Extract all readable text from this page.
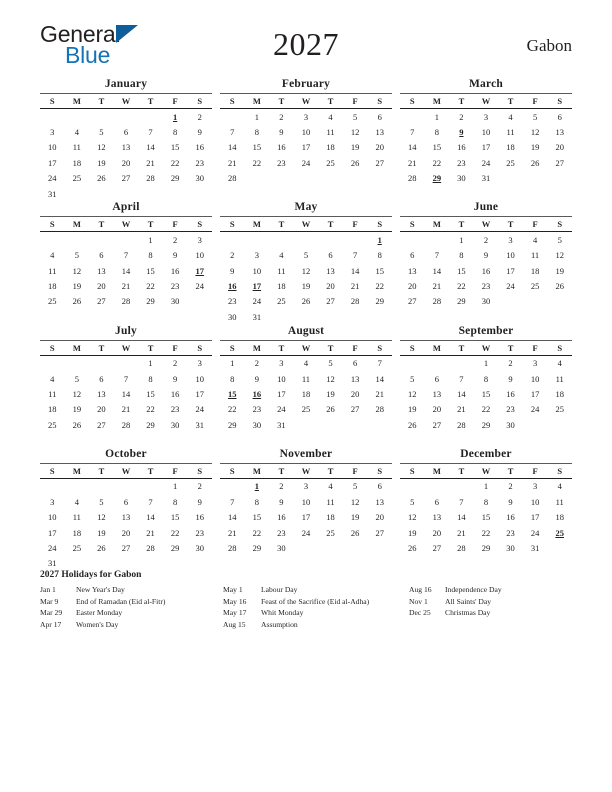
General
Blue	2027	Gabon
January
S	M	T	W	T	F	S
					1	2
3	4	5	6	7	8	9
10	11	12	13	14	15	16
17	18	19	20	21	22	23
24	25	26	27	28	29	30
31						
February
S	M	T	W	T	F	S
	1	2	3	4	5	6
7	8	9	10	11	12	13
14	15	16	17	18	19	20
21	22	23	24	25	26	27
28						

March
S	M	T	W	T	F	S
	1	2	3	4	5	6
7	8	9	10	11	12	13
14	15	16	17	18	19	20
21	22	23	24	25	26	27
28	29	30	31			

April
S	M	T	W	T	F	S
				1	2	3
4	5	6	7	8	9	10
11	12	13	14	15	16	17
18	19	20	21	22	23	24
25	26	27	28	29	30	

May
S	M	T	W	T	F	S
						1
2	3	4	5	6	7	8
9	10	11	12	13	14	15
16	17	18	19	20	21	22
23	24	25	26	27	28	29
30	31					
June
S	M	T	W	T	F	S
		1	2	3	4	5
6	7	8	9	10	11	12
13	14	15	16	17	18	19
20	21	22	23	24	25	26
27	28	29	30			

July
S	M	T	W	T	F	S
				1	2	3
4	5	6	7	8	9	10
11	12	13	14	15	16	17
18	19	20	21	22	23	24
25	26	27	28	29	30	31

August
S	M	T	W	T	F	S
1	2	3	4	5	6	7
8	9	10	11	12	13	14
15	16	17	18	19	20	21
22	23	24	25	26	27	28
29	30	31				

September
S	M	T	W	T	F	S
			1	2	3	4
5	6	7	8	9	10	11
12	13	14	15	16	17	18
19	20	21	22	23	24	25
26	27	28	29	30		

October
S	M	T	W	T	F	S
					1	2
3	4	5	6	7	8	9
10	11	12	13	14	15	16
17	18	19	20	21	22	23
24	25	26	27	28	29	30
31						
November
S	M	T	W	T	F	S
	1	2	3	4	5	6
7	8	9	10	11	12	13
14	15	16	17	18	19	20
21	22	23	24	25	26	27
28	29	30				

December
S	M	T	W	T	F	S
			1	2	3	4
5	6	7	8	9	10	11
12	13	14	15	16	17	18
19	20	21	22	23	24	25
26	27	28	29	30	31	

2027 Holidays for Gabon
Jan 1	New Year's Day
Mar 9	End of Ramadan (Eid al-Fitr)
Mar 29	Easter Monday
Apr 17	Women's Day
May 1	Labour Day
May 16	Feast of the Sacrifice (Eid al-Adha)
May 17	Whit Monday
Aug 15	Assumption
Aug 16	Independence Day
Nov 1	All Saints' Day
Dec 25	Christmas Day
